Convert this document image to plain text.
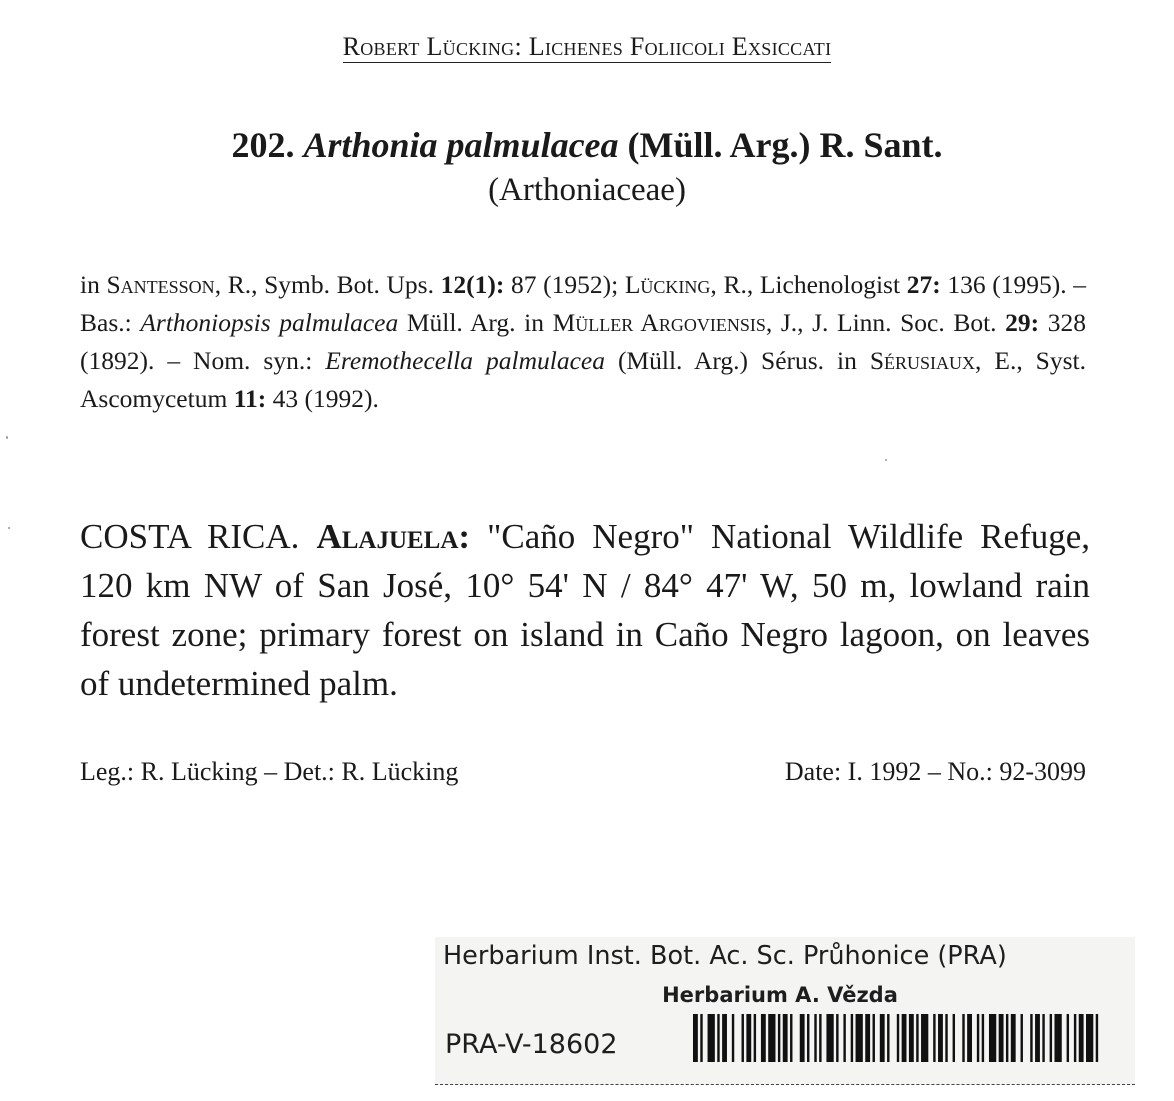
Robert Lücking: Lichenes Foliicoli Exsiccati
202. Arthonia palmulacea (Müll. Arg.) R. Sant.
(Arthoniaceae)
in Santesson, R., Symb. Bot. Ups. 12(1): 87 (1952); Lücking, R., Lichenologist 27: 136 (1995). – Bas.: Arthoniopsis palmulacea Müll. Arg. in Müller Argoviensis, J., J. Linn. Soc. Bot. 29: 328 (1892). – Nom. syn.: Eremothecella palmulacea (Müll. Arg.) Sérus. in Sérusiaux, E., Syst. Ascomycetum 11: 43 (1992).
COSTA RICA. Alajuela: "Caño Negro" National Wildlife Refuge, 120 km NW of San José, 10° 54' N / 84° 47' W, 50 m, lowland rain forest zone; primary forest on island in Caño Negro lagoon, on leaves of undetermined palm.
Leg.: R. Lücking – Det.: R. Lücking	Date: I. 1992 – No.: 92-3099
Herbarium Inst. Bot. Ac. Sc. Průhonice (PRA)
Herbarium A. Vězda
PRA-V-18602
